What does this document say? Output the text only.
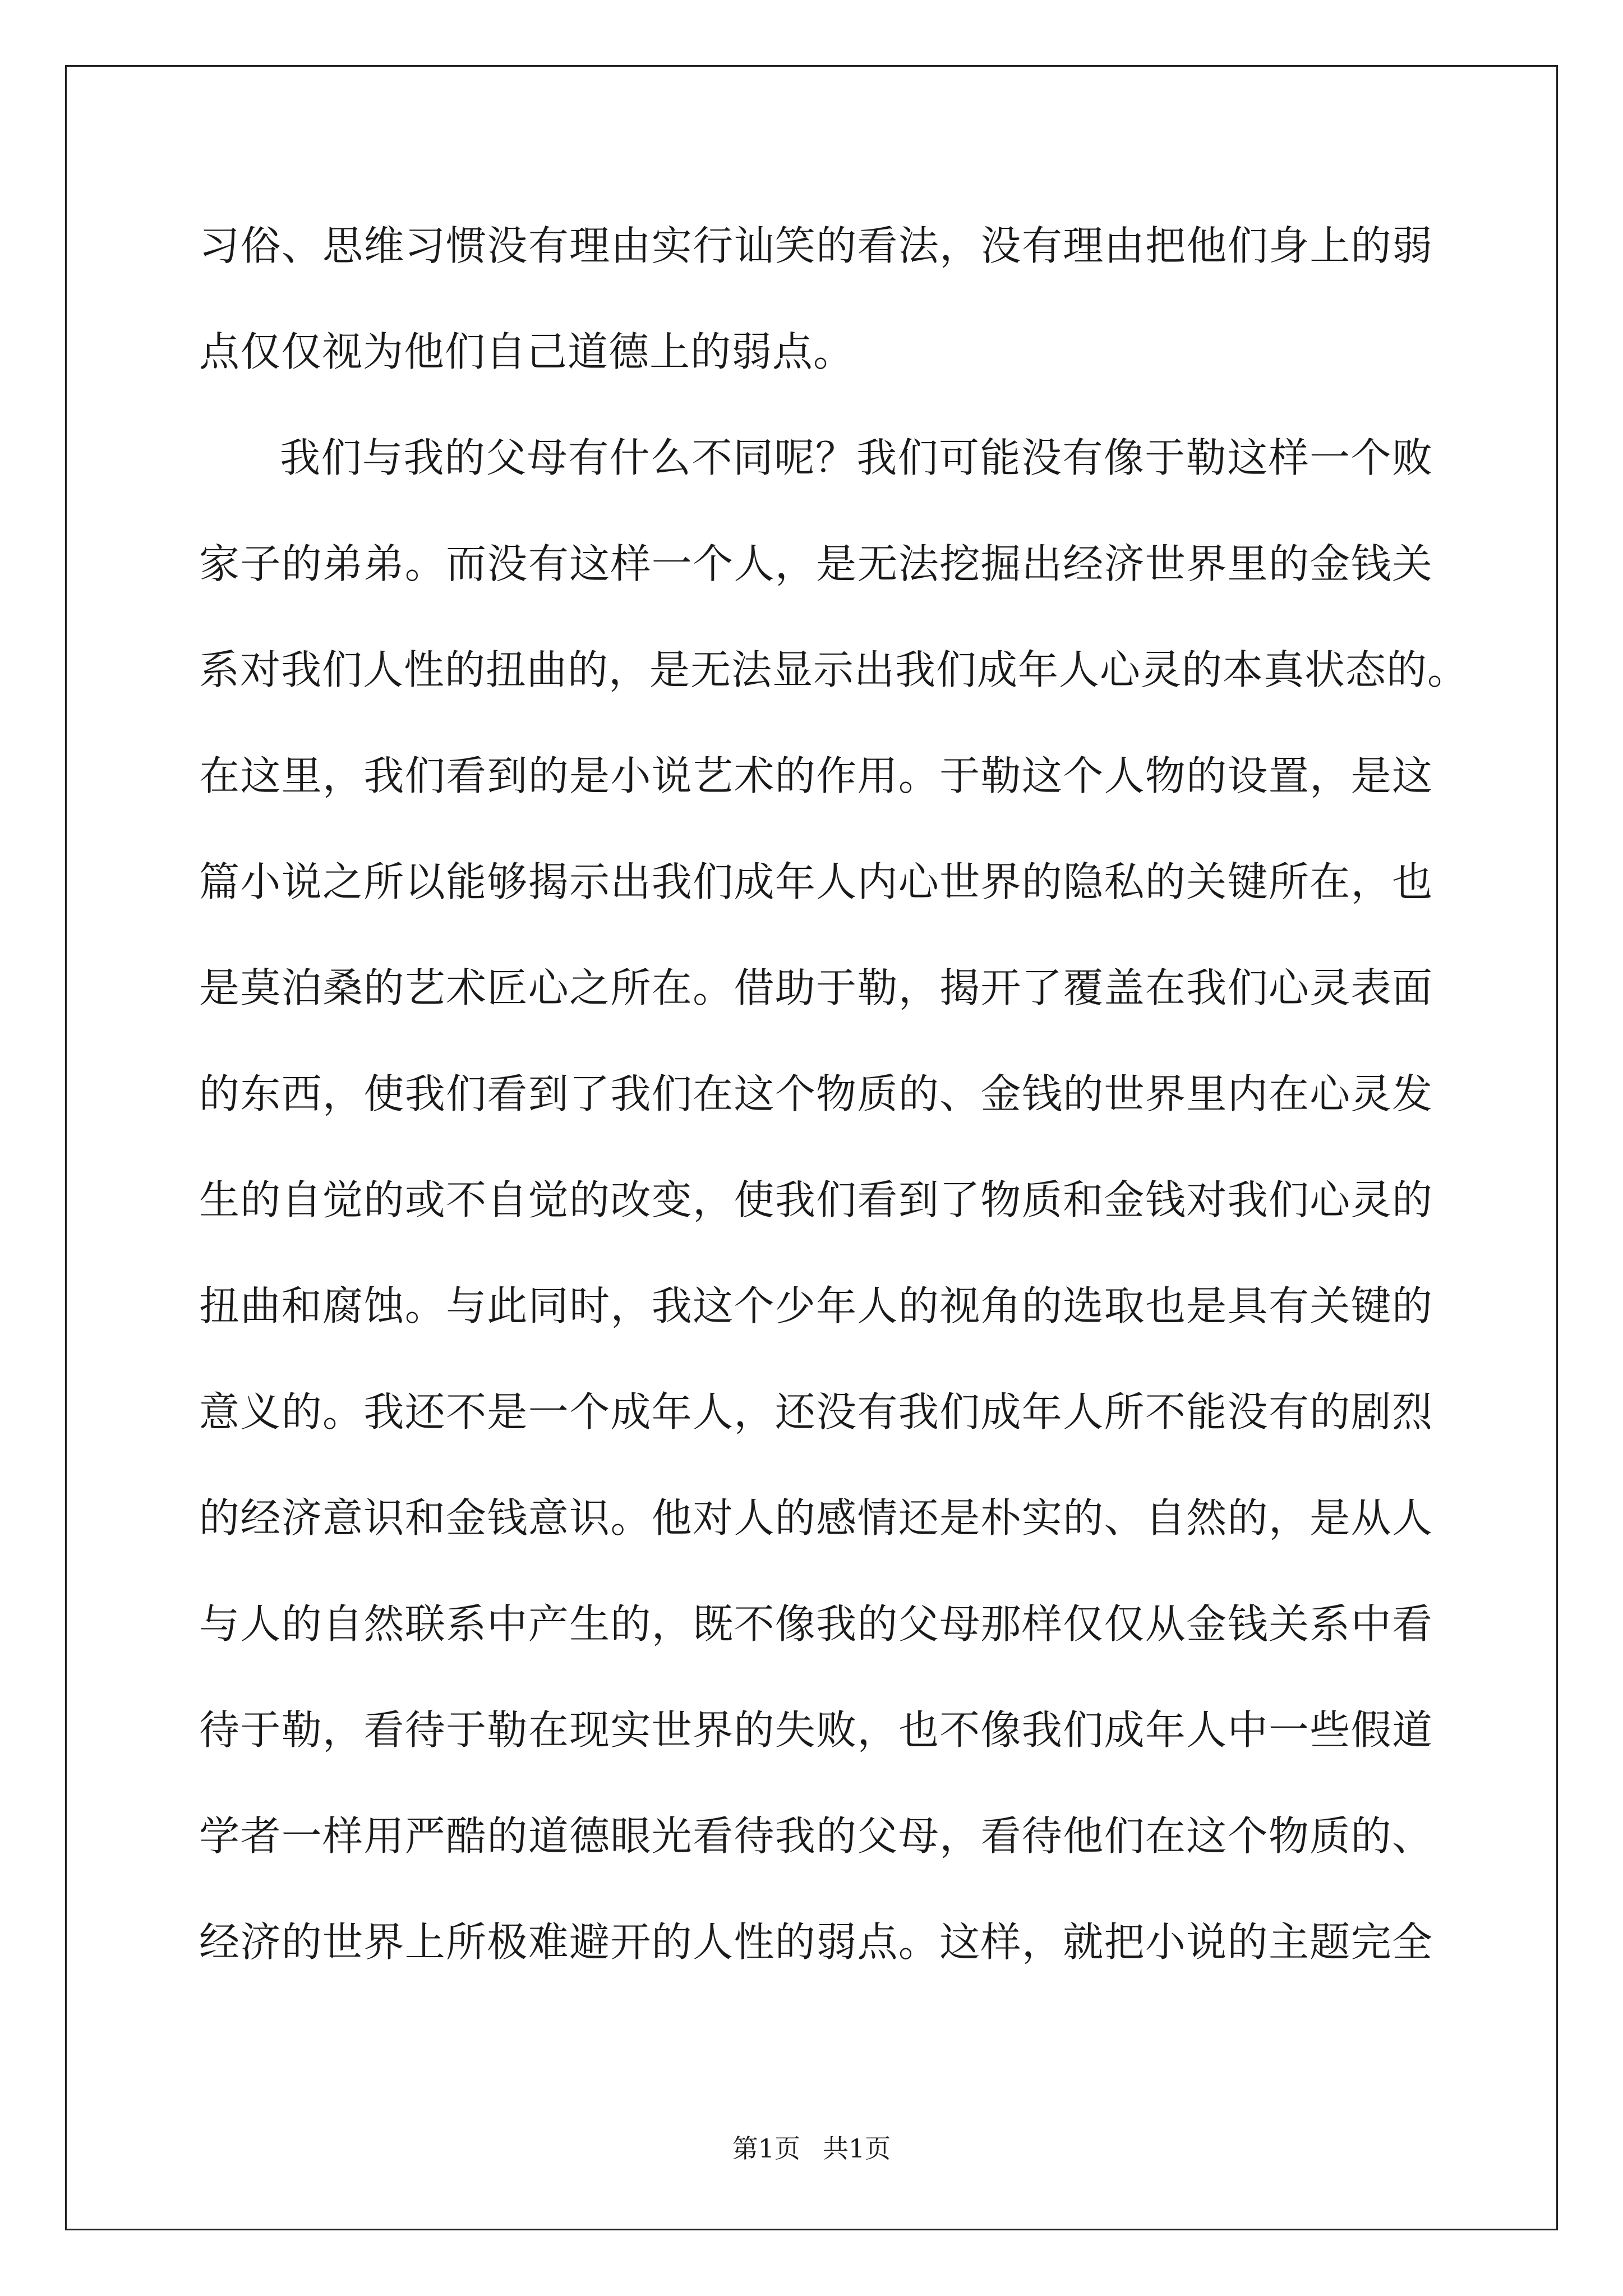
习俗、思维习惯没有理由实行讪笑的看法，没有理由把他们身上的弱
点仅仅视为他们自己道德上的弱点。
我们与我的父母有什么不同呢？我们可能没有像于勒这样一个败
家子的弟弟。而没有这样一个人，是无法挖掘出经济世界里的金钱关
系对我们人性的扭曲的，是无法显示出我们成年人心灵的本真状态的。
在这里，我们看到的是小说艺术的作用。于勒这个人物的设置，是这
篇小说之所以能够揭示出我们成年人内心世界的隐私的关键所在，也
是莫泊桑的艺术匠心之所在。借助于勒，揭开了覆盖在我们心灵表面
的东西，使我们看到了我们在这个物质的、金钱的世界里内在心灵发
生的自觉的或不自觉的改变，使我们看到了物质和金钱对我们心灵的
扭曲和腐蚀。与此同时，我这个少年人的视角的选取也是具有关键的
意义的。我还不是一个成年人，还没有我们成年人所不能没有的剧烈
的经济意识和金钱意识。他对人的感情还是朴实的、自然的，是从人
与人的自然联系中产生的，既不像我的父母那样仅仅从金钱关系中看
待于勒，看待于勒在现实世界的失败，也不像我们成年人中一些假道
学者一样用严酷的道德眼光看待我的父母，看待他们在这个物质的、
经济的世界上所极难避开的人性的弱点。这样，就把小说的主题完全
第1页 共1页
